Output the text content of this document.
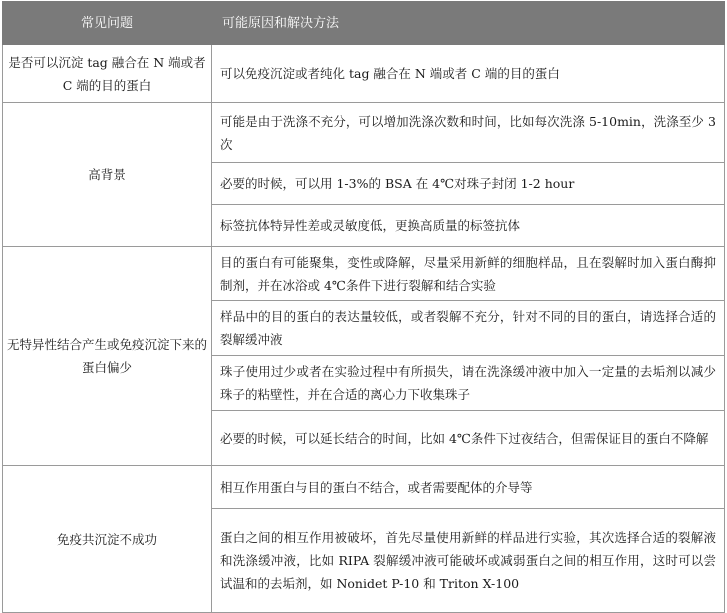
常见问题	可能原因和解决方法
是否可以沉淀 tag 融合在 N 端或者 C 端的目的蛋白	可以免疫沉淀或者纯化 tag 融合在 N 端或者 C 端的目的蛋白
高背景	可能是由于洗涤不充分，可以增加洗涤次数和时间，比如每次洗涤 5-10min，洗涤至少 3 次
	必要的时候，可以用 1-3%的 BSA 在 4℃对珠子封闭 1-2 hour
	标签抗体特异性差或灵敏度低，更换高质量的标签抗体
无特异性结合产生或免疫沉淀下来的蛋白偏少	目的蛋白有可能聚集，变性或降解，尽量采用新鲜的细胞样品，且在裂解时加入蛋白酶抑制剂，并在冰浴或 4℃条件下进行裂解和结合实验
	样品中的目的蛋白的表达量较低，或者裂解不充分，针对不同的目的蛋白，请选择合适的裂解缓冲液
	珠子使用过少或者在实验过程中有所损失，请在洗涤缓冲液中加入一定量的去垢剂以减少珠子的粘壁性，并在合适的离心力下收集珠子
	必要的时候，可以延长结合的时间，比如 4℃条件下过夜结合，但需保证目的蛋白不降解
免疫共沉淀不成功	相互作用蛋白与目的蛋白不结合，或者需要配体的介导等
	蛋白之间的相互作用被破坏，首先尽量使用新鲜的样品进行实验，其次选择合适的裂解液和洗涤缓冲液，比如 RIPA 裂解缓冲液可能破坏或减弱蛋白之间的相互作用，这时可以尝试温和的去垢剂，如 Nonidet P-10 和 Triton X-100
